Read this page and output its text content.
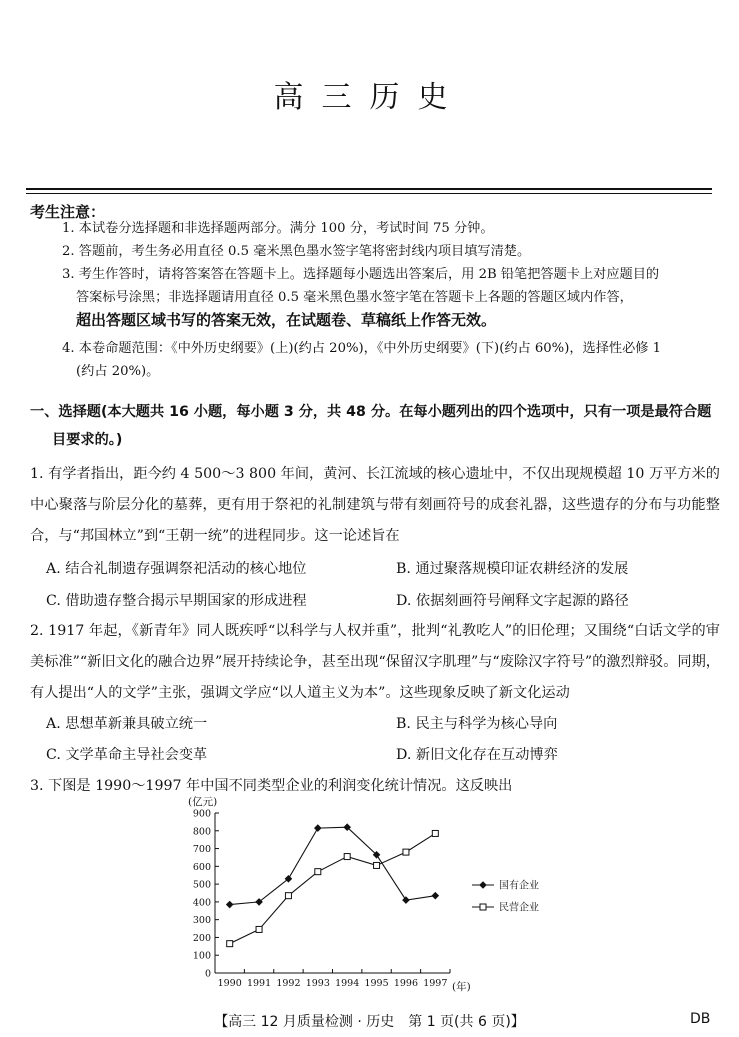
高三历史
考生注意：
1. 本试卷分选择题和非选择题两部分。满分 100 分，考试时间 75 分钟。
2. 答题前，考生务必用直径 0.5 毫米黑色墨水签字笔将密封线内项目填写清楚。
3. 考生作答时，请将答案答在答题卡上。选择题每小题选出答案后，用 2B 铅笔把答题卡上对应题目的
答案标号涂黑；非选择题请用直径 0.5 毫米黑色墨水签字笔在答题卡上各题的答题区域内作答，
超出答题区域书写的答案无效，在试题卷、草稿纸上作答无效。
4. 本卷命题范围：《中外历史纲要》(上)(约占 20%)，《中外历史纲要》(下)(约占 60%)，选择性必修 1
(约占 20%)。
一、选择题(本大题共 16 小题，每小题 3 分，共 48 分。在每小题列出的四个选项中，只有一项是最符合题
目要求的。)
1. 有学者指出，距今约 4 500～3 800 年间，黄河、长江流域的核心遗址中，不仅出现规模超 10 万平方米的中心聚落与阶层分化的墓葬，更有用于祭祀的礼制建筑与带有刻画符号的成套礼器，这些遗存的分布与功能整合，与“邦国林立”到“王朝一统”的进程同步。这一论述旨在
A. 结合礼制遗存强调祭祀活动的核心地位	B. 通过聚落规模印证农耕经济的发展
C. 借助遗存整合揭示早期国家的形成进程	D. 依据刻画符号阐释文字起源的路径
2. 1917 年起，《新青年》同人既疾呼“以科学与人权并重”，批判“礼教吃人”的旧伦理；又围绕“白话文学的审美标准”“新旧文化的融合边界”展开持续论争，甚至出现“保留汉字肌理”与“废除汉字符号”的激烈辩驳。同期，有人提出“人的文学”主张，强调文学应“以人道主义为本”。这些现象反映了新文化运动
A. 思想革新兼具破立统一	B. 民主与科学为核心导向
C. 文学革命主导社会变革	D. 新旧文化存在互动博弈
3. 下图是 1990～1997 年中国不同类型企业的利润变化统计情况。这反映出
(亿元)
(年)
0
100
200
300
400
500
600
700
800
900
1990 1991 1992 1993 1994 1995 1996 1997
国有企业
民营企业
【高三 12 月质量检测 · 历史　第 1 页(共 6 页)】	DB
